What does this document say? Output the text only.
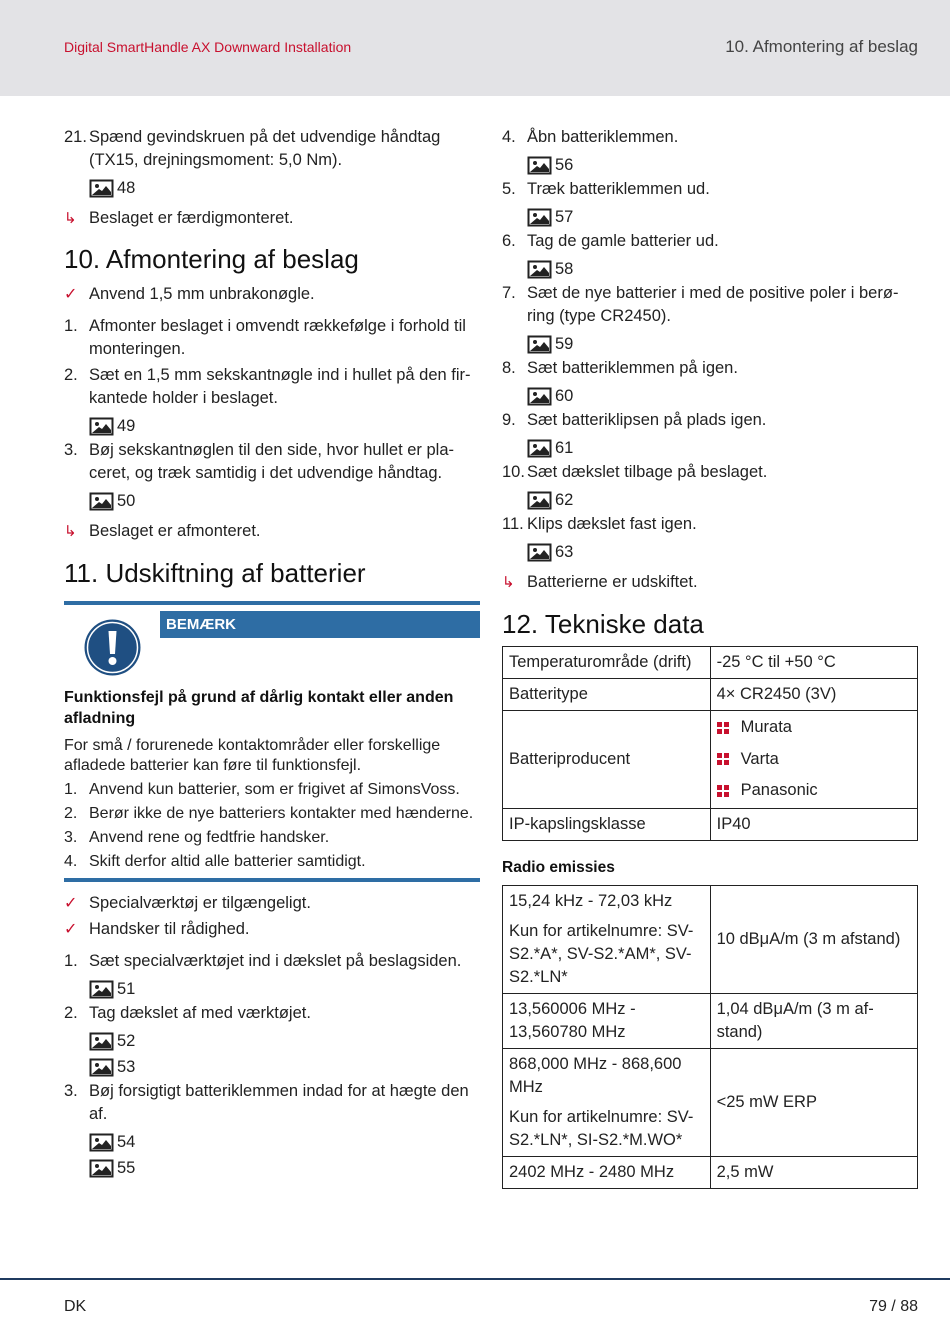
Digital SmartHandle AX Downward Installation	10. Afmontering af beslag
21. Spænd gevindskruen på det udvendige håndtag (TX15, drejningsmoment: 5,0 Nm).
48
↳ Beslaget er færdigmonteret.
10. Afmontering af beslag
✓ Anvend 1,5 mm unbrakonøgle.
1. Afmonter beslaget i omvendt rækkefølge i forhold til monteringen.
2. Sæt en 1,5 mm sekskantnøgle ind i hullet på den firkantede holder i beslaget.
49
3. Bøj sekskantnøglen til den side, hvor hullet er placeret, og træk samtidig i det udvendige håndtag.
50
↳ Beslaget er afmonteret.
11. Udskiftning af batterier
BEMÆRK
Funktionsfejl på grund af dårlig kontakt eller anden afladning
For små / forurenede kontaktområder eller forskellige afladede batterier kan føre til funktionsfejl.
1. Anvend kun batterier, som er frigivet af SimonsVoss.
2. Berør ikke de nye batteriers kontakter med hænderne.
3. Anvend rene og fedtfrie handsker.
4. Skift derfor altid alle batterier samtidigt.
✓ Specialværktøj er tilgængeligt.
✓ Handsker til rådighed.
1. Sæt specialværktøjet ind i dækslet på beslagsiden.
51
2. Tag dækslet af med værktøjet.
52
53
3. Bøj forsigtigt batteriklemmen indad for at hægte den af.
54
55
4. Åbn batteriklemmen.
56
5. Træk batteriklemmen ud.
57
6. Tag de gamle batterier ud.
58
7. Sæt de nye batterier i med de positive poler i berøring (type CR2450).
59
8. Sæt batteriklemmen på igen.
60
9. Sæt batteriklipsen på plads igen.
61
10. Sæt dækslet tilbage på beslaget.
62
11. Klips dækslet fast igen.
63
↳ Batterierne er udskiftet.
12. Tekniske data
Temperaturområde (drift)	-25 °C til +50 °C
Batteritype	4× CR2450 (3V)
Batteriproducent	Murata
Varta
Panasonic

IP-kapslingsklasse	IP40
Radio emissies
15,24 kHz - 72,03 kHz
Kun for artikelnumre: SV-S2.*A*, SV-S2.*AM*, SV-S2.*LN*	10 dBμA/m (3 m afstand)
13,560006 MHz - 13,560780 MHz	1,04 dBμA/m (3 m afstand)

868,000 MHz - 868,600 MHz
Kun for artikelnumre: SV-S2.*LN*, SI-S2.*M.WO*	<25 mW ERP
2402 MHz - 2480 MHz	2,5 mW
DK	79 / 88
